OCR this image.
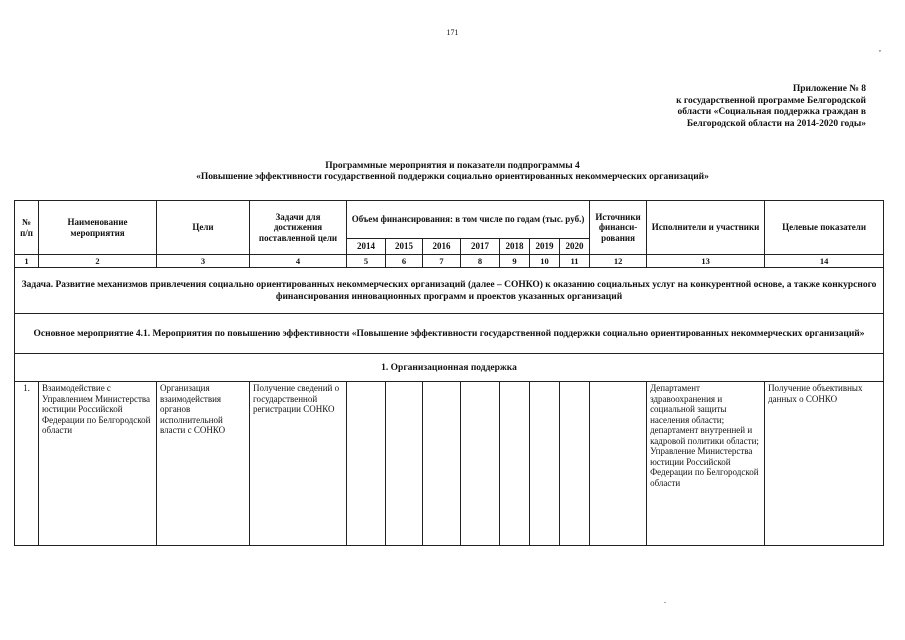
171
,
.
Приложение № 8
к государственной программе Белгородской
области «Социальная поддержка граждан в
Белгородской области на 2014-2020 годы»
Программные мероприятия и показатели подпрограммы 4
«Повышение эффективности государственной поддержки социально ориентированных некоммерческих организаций»
№ п/п	Наименование мероприятия	Цели	Задачи для достижения поставленной цели	Объем финансирования: в том числе по годам (тыс. руб.)							Источники финанси-рования	Исполнители и участники	Целевые показатели
				2014	2015	2016	2017	2018	2019	2020			
1	2	3	4	5	6	7	8	9	10	11	12	13	14
Задача. Развитие механизмов привлечения социально ориентированных некоммерческих организаций (далее – СОНКО) к оказанию социальных услуг на конкурентной основе, а также конкурсного финансирования инновационных программ и проектов указанных организаций													
Основное мероприятие 4.1. Мероприятия по повышению эффективности «Повышение эффективности государственной поддержки социально ориентированных некоммерческих организаций»													
1. Организационная поддержка													
1.	Взаимодействие с Управлением Министерства юстиции Российской Федерации по Белгородской области	Организация взаимодействия органов исполнительной власти с СОНКО	Получение сведений о государственной регистрации СОНКО									Департамент здравоохранения и социальной защиты населения области; департамент внутренней и кадровой политики области; Управление Министерства юстиции Российской Федерации по Белгородской области	Получение объективных данных о СОНКО
